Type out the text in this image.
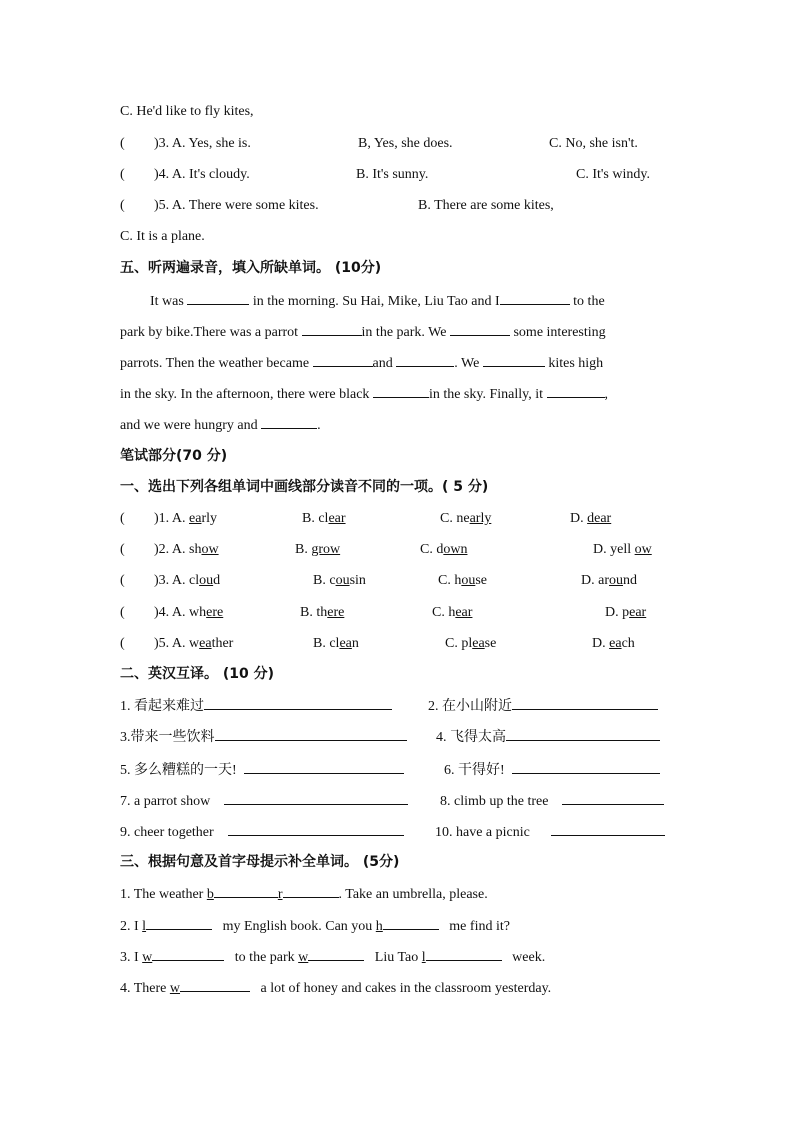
C. He'd like to fly kites,
( )3. A. Yes, she is.	B, Yes, she does.	C. No, she isn't.
( )4. A. It's cloudy.	B. It's sunny.	C. It's windy.
( )5. A. There were some kites.	B. There are some kites,
C. It is a plane.
五、听两遍录音，填入所缺单词。 (10分)
It was	in the morning. Su Hai, Mike, Liu Tao and I	to the
park by bike.There was a parrot	in the park. We	some interesting
parrots. Then the weather became	and	. We	kites high
in the sky. In the afternoon, there were black	in the sky. Finally, it	,
and we were hungry and	.
笔试部分(70 分)
一、选出下列各组单词中画线部分读音不同的一项。( 5 分)
( )1. A. early	B. clear	C. nearly	D. dear
( )2. A. show	B. grow	C. down	D. yell ow
( )3. A. cloud	B. cousin	C. house	D. around
( )4. A. where	B. there	C. hear	D. pear
( )5. A. weather	B. clean	C. please	D. each
二、英汉互译。 (10 分)
1. 看起来难过	2. 在小山附近
3.带来一些饮料	4. 飞得太高
5. 多么糟糕的一天!	6. 干得好!
7. a parrot show	8. climb up the tree
9. cheer together	10. have a picnic
三、根据句意及首字母提示补全单词。 (5分)
1. The weather b	r	. Take an umbrella, please.
2. I l	my English book. Can you h	me find it?
3. I w	to the park w	Liu Tao l	week.
4. There w	a lot of honey and cakes in the classroom yesterday.
